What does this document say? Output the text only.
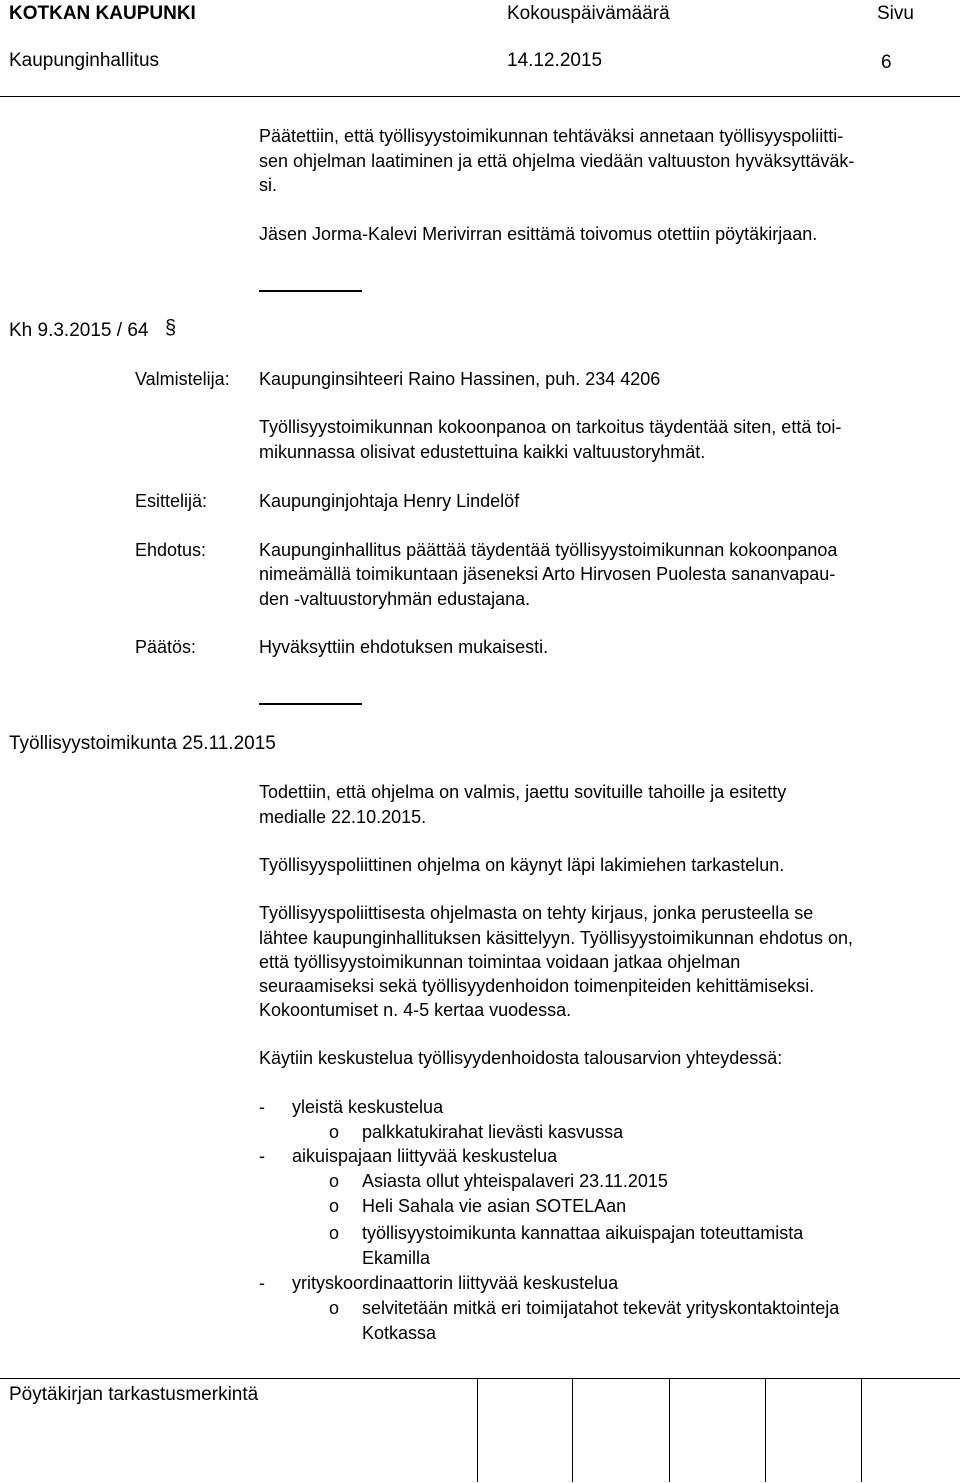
KOTKAN KAUPUNKI	Kokouspäivämäärä	Sivu
Kaupunginhallitus	14.12.2015	6
Päätettiin, että työllisyystoimikunnan tehtäväksi annetaan työllisyyspoliitti-
sen ohjelman laatiminen ja että ohjelma viedään valtuuston hyväksyttäväk-
si.
Jäsen Jorma-Kalevi Merivirran esittämä toivomus otettiin pöytäkirjaan.
Kh 9.3.2015 / 64 §
Valmistelija: Kaupunginsihteeri Raino Hassinen, puh. 234 4206
Työllisyystoimikunnan kokoonpanoa on tarkoitus täydentää siten, että toi-
mikunnassa olisivat edustettuina kaikki valtuustoryhmät.
Esittelijä:	Kaupunginjohtaja Henry Lindelöf
Ehdotus:	Kaupunginhallitus päättää täydentää työllisyystoimikunnan kokoonpanoa
nimeämällä toimikuntaan jäseneksi Arto Hirvosen Puolesta sananvapau-
den -valtuustoryhmän edustajana.
Päätös:	Hyväksyttiin ehdotuksen mukaisesti.
Työllisyystoimikunta 25.11.2015
Todettiin, että ohjelma on valmis, jaettu sovituille tahoille ja esitetty
medialle 22.10.2015.
Työllisyyspoliittinen ohjelma on käynyt läpi lakimiehen tarkastelun.
Työllisyyspoliittisesta ohjelmasta on tehty kirjaus, jonka perusteella se
lähtee kaupunginhallituksen käsittelyyn. Työllisyystoimikunnan ehdotus on,
että työllisyystoimikunnan toimintaa voidaan jatkaa ohjelman
seuraamiseksi sekä työllisyydenhoidon toimenpiteiden kehittämiseksi.
Kokoontumiset n. 4-5 kertaa vuodessa.
Käytiin keskustelua työllisyydenhoidosta talousarvion yhteydessä:
- yleistä keskustelua
o palkkatukirahat lievästi kasvussa
- aikuispajaan liittyvää keskustelua
o Asiasta ollut yhteispalaveri 23.11.2015
o Heli Sahala vie asian SOTELAan
o työllisyystoimikunta kannattaa aikuispajan toteuttamista
Ekamilla
- yrityskoordinaattorin liittyvää keskustelua
o selvitetään mitkä eri toimijatahot tekevät yrityskontaktointeja
Kotkassa
Pöytäkirjan tarkastusmerkintä
